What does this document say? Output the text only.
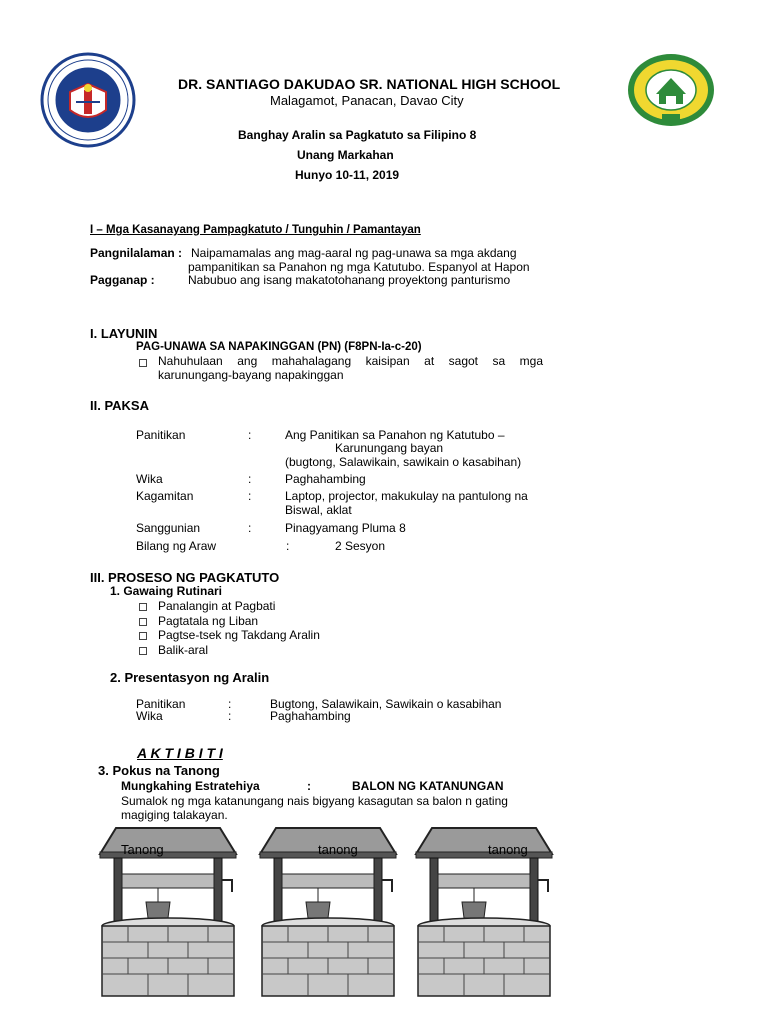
DR. SANTIAGO DAKUDAO SR. NATIONAL HIGH SCHOOL
Malagamot, Panacan, Davao City
Banghay Aralin sa Pagkatuto sa Filipino 8
Unang Markahan
Hunyo 10-11, 2019
I – Mga Kasanayang Pampagkatuto / Tunguhin / Pamantayan
Pangnilalaman : Naipamamalas ang mag-aaral ng pag-unawa sa mga akdang
pampanitikan sa Panahon ng mga Katutubo. Espanyol at Hapon
Pagganap :	Nabubuo ang isang makatotohanang proyektong panturismo
I. LAYUNIN
PAG-UNAWA SA NAPAKINGGAN (PN) (F8PN-Ia-c-20)
Nahuhulaan ang mahahalagang kaisipan at sagot sa mga
karunungang-bayang napakinggan
II. PAKSA
Panitikan	:	Ang Panitikan sa Panahon ng Katutubo –
Karunungang bayan
(bugtong, Salawikain, sawikain o kasabihan)
Wika	:	Paghahambing
Kagamitan	:	Laptop, projector, makukulay na pantulong na
Biswal, aklat
Sanggunian	:	Pinagyamang Pluma 8
Bilang ng Araw	:	2 Sesyon
III. PROSESO NG PAGKATUTO
1. Gawaing Rutinari
Panalangin at Pagbati
Pagtatala ng Liban
Pagtse-tsek ng Takdang Aralin
Balik-aral
2. Presentasyon ng Aralin
Panitikan	:	Bugtong, Salawikain, Sawikain o kasabihan
Wika	:	Paghahambing
A K T I B I T I
3. Pokus na Tanong
Mungkahing Estratehiya	:	BALON NG KATANUNGAN
Sumalok ng mga katanungang nais bigyang kasagutan sa balon n gating
magiging talakayan.
Tanong	tanong	tanong
